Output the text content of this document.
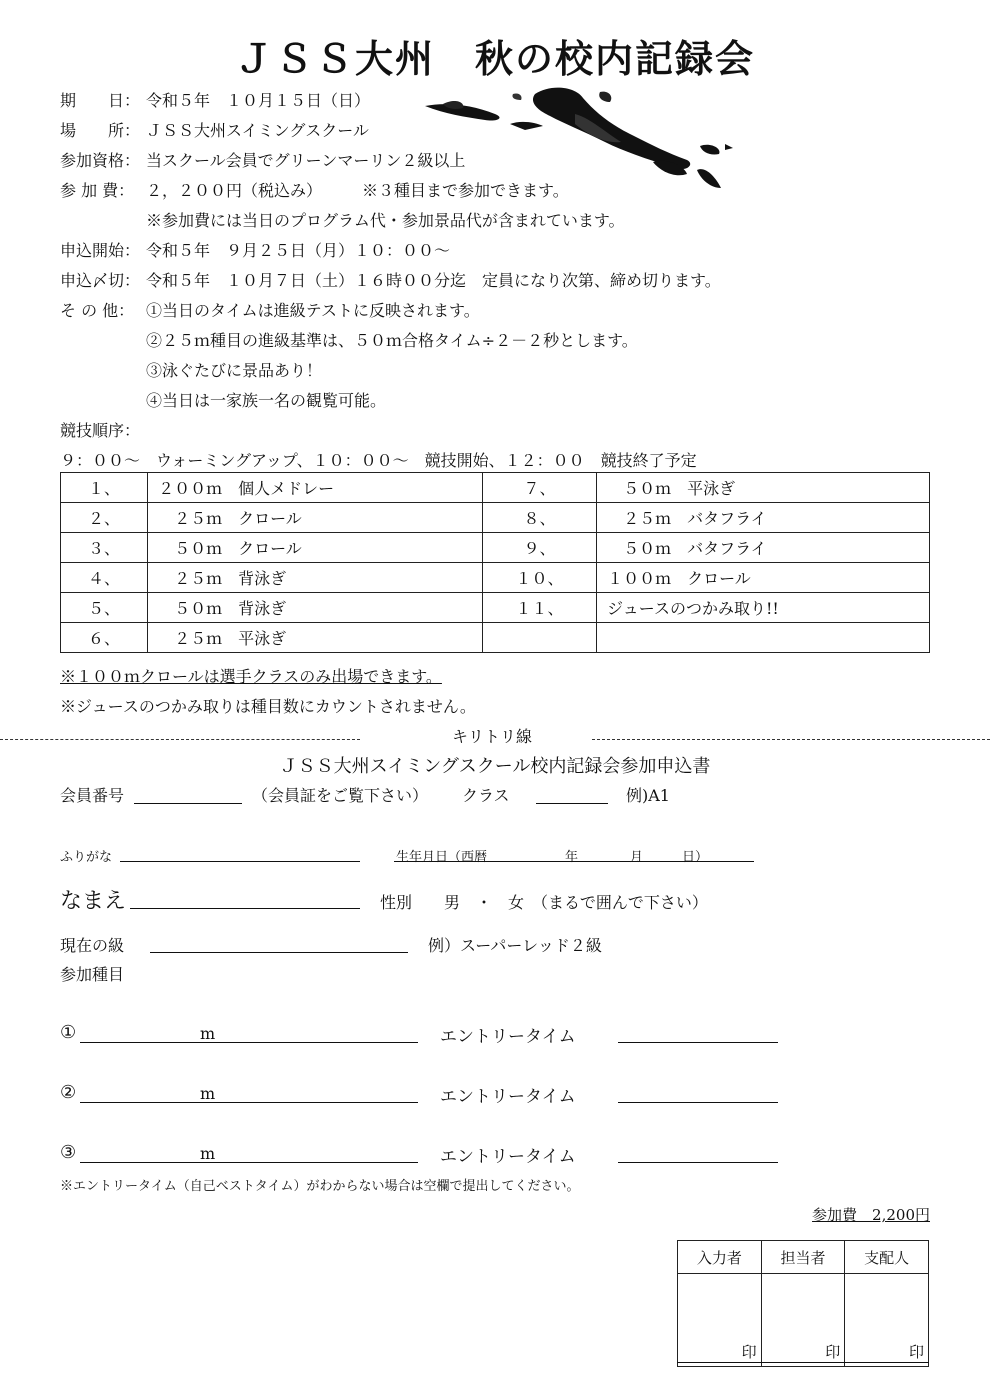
ＪＳＳ大州　秋の校内記録会
期　　日： 令和５年　１０月１５日（日）
場　　所： ＪＳＳ大州スイミングスクール
参加資格： 当スクール会員でグリーンマーリン２級以上
参 加 費： ２，２００円（税込み）　　　※３種目まで参加できます。
※参加費には当日のプログラム代・参加景品代が含まれています。
申込開始： 令和５年　９月２５日（月）１０：００～
申込〆切： 令和５年　１０月７日（土）１６時００分迄　定員になり次第、締め切ります。
そ の 他： ①当日のタイムは進級テストに反映されます。
②２５ｍ種目の進級基準は、５０ｍ合格タイム÷２－２秒とします。
③泳ぐたびに景品あり！
④当日は一家族一名の観覧可能。
競技順序：
９：００～　ウォーミングアップ、１０：００～　競技開始、１２：００　競技終了予定
１、	２００ｍ　個人メドレー	７、	　５０ｍ　平泳ぎ
２、	　２５ｍ　クロール	８、	　２５ｍ　バタフライ
３、	　５０ｍ　クロール	９、	　５０ｍ　バタフライ
４、	　２５ｍ　背泳ぎ	１０、	１００ｍ　クロール
５、	　５０ｍ　背泳ぎ	１１、	ジュースのつかみ取り!!
６、	　２５ｍ　平泳ぎ		
※１００ｍクロールは選手クラスのみ出場できます。
※ジュースのつかみ取りは種目数にカウントされません。
キリトリ線
ＪＳＳ大州スイミングスクール校内記録会参加申込書
会員番号	（会員証をご覧下さい） クラス	例)A1
ふりがな	生年月日（西暦　　　　　　年　　　　月　　　日）
なまえ	性別　　男　・　女　（まるで囲んで下さい）
現在の級	例）スーパーレッド２級
参加種目
①	m	エントリータイム
②	m	エントリータイム
③	m	エントリータイム
※エントリータイム（自己ベストタイム）がわからない場合は空欄で提出してください。
参加費　2,200円
入力者	担当者	支配人
印	印	印
